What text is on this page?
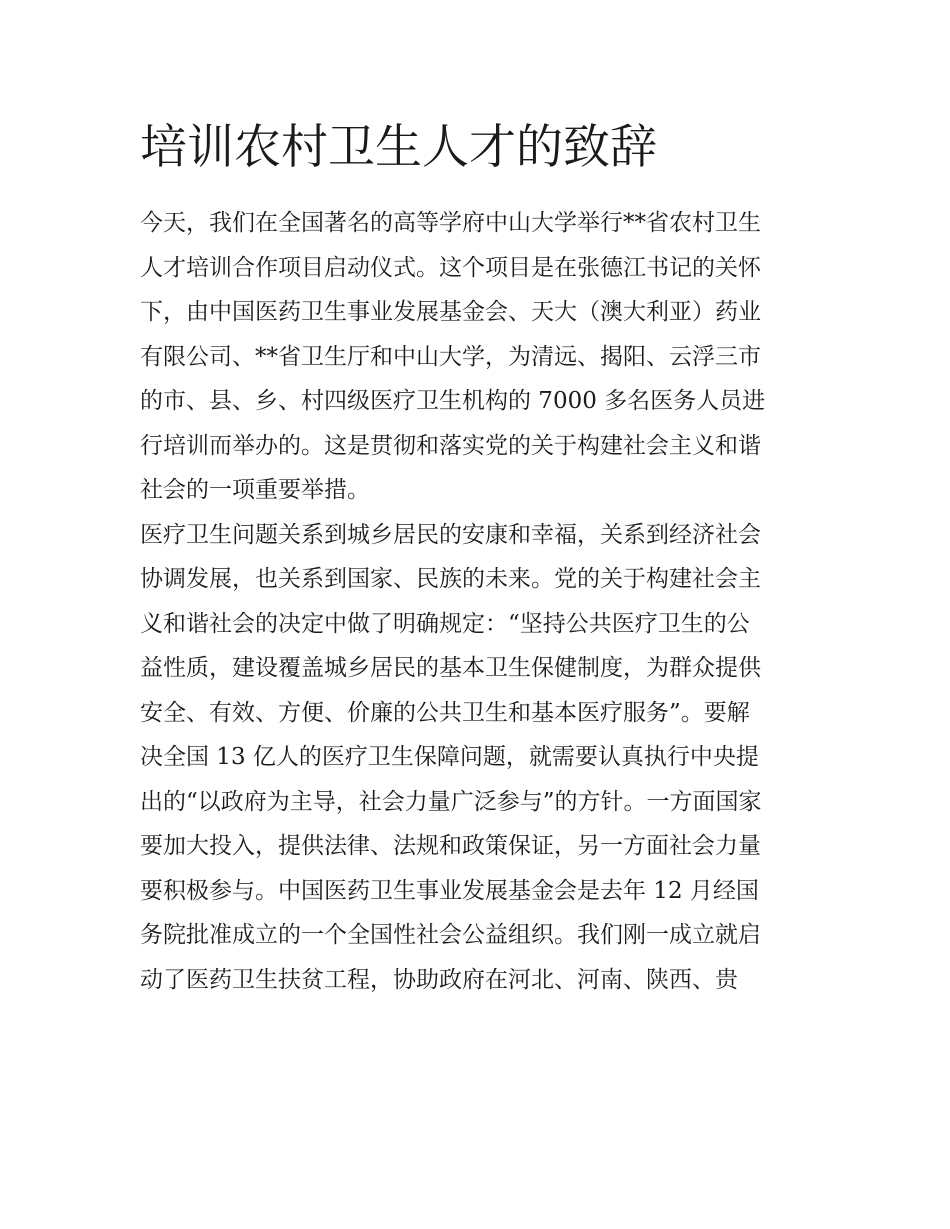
培训农村卫生人才的致辞
今天，我们在全国著名的高等学府中山大学举行**省农村卫生
人才培训合作项目启动仪式。这个项目是在张德江书记的关怀
下，由中国医药卫生事业发展基金会、天大（澳大利亚）药业
有限公司、**省卫生厅和中山大学，为清远、揭阳、云浮三市
的市、县、乡、村四级医疗卫生机构的 7000 多名医务人员进
行培训而举办的。这是贯彻和落实党的关于构建社会主义和谐
社会的一项重要举措。
医疗卫生问题关系到城乡居民的安康和幸福，关系到经济社会
协调发展，也关系到国家、民族的未来。党的关于构建社会主
义和谐社会的决定中做了明确规定：“坚持公共医疗卫生的公
益性质，建设覆盖城乡居民的基本卫生保健制度，为群众提供
安全、有效、方便、价廉的公共卫生和基本医疗服务”。要解
决全国 13 亿人的医疗卫生保障问题，就需要认真执行中央提
出的“以政府为主导，社会力量广泛参与”的方针。一方面国家
要加大投入，提供法律、法规和政策保证，另一方面社会力量
要积极参与。中国医药卫生事业发展基金会是去年 12 月经国
务院批准成立的一个全国性社会公益组织。我们刚一成立就启
动了医药卫生扶贫工程，协助政府在河北、河南、陕西、贵
